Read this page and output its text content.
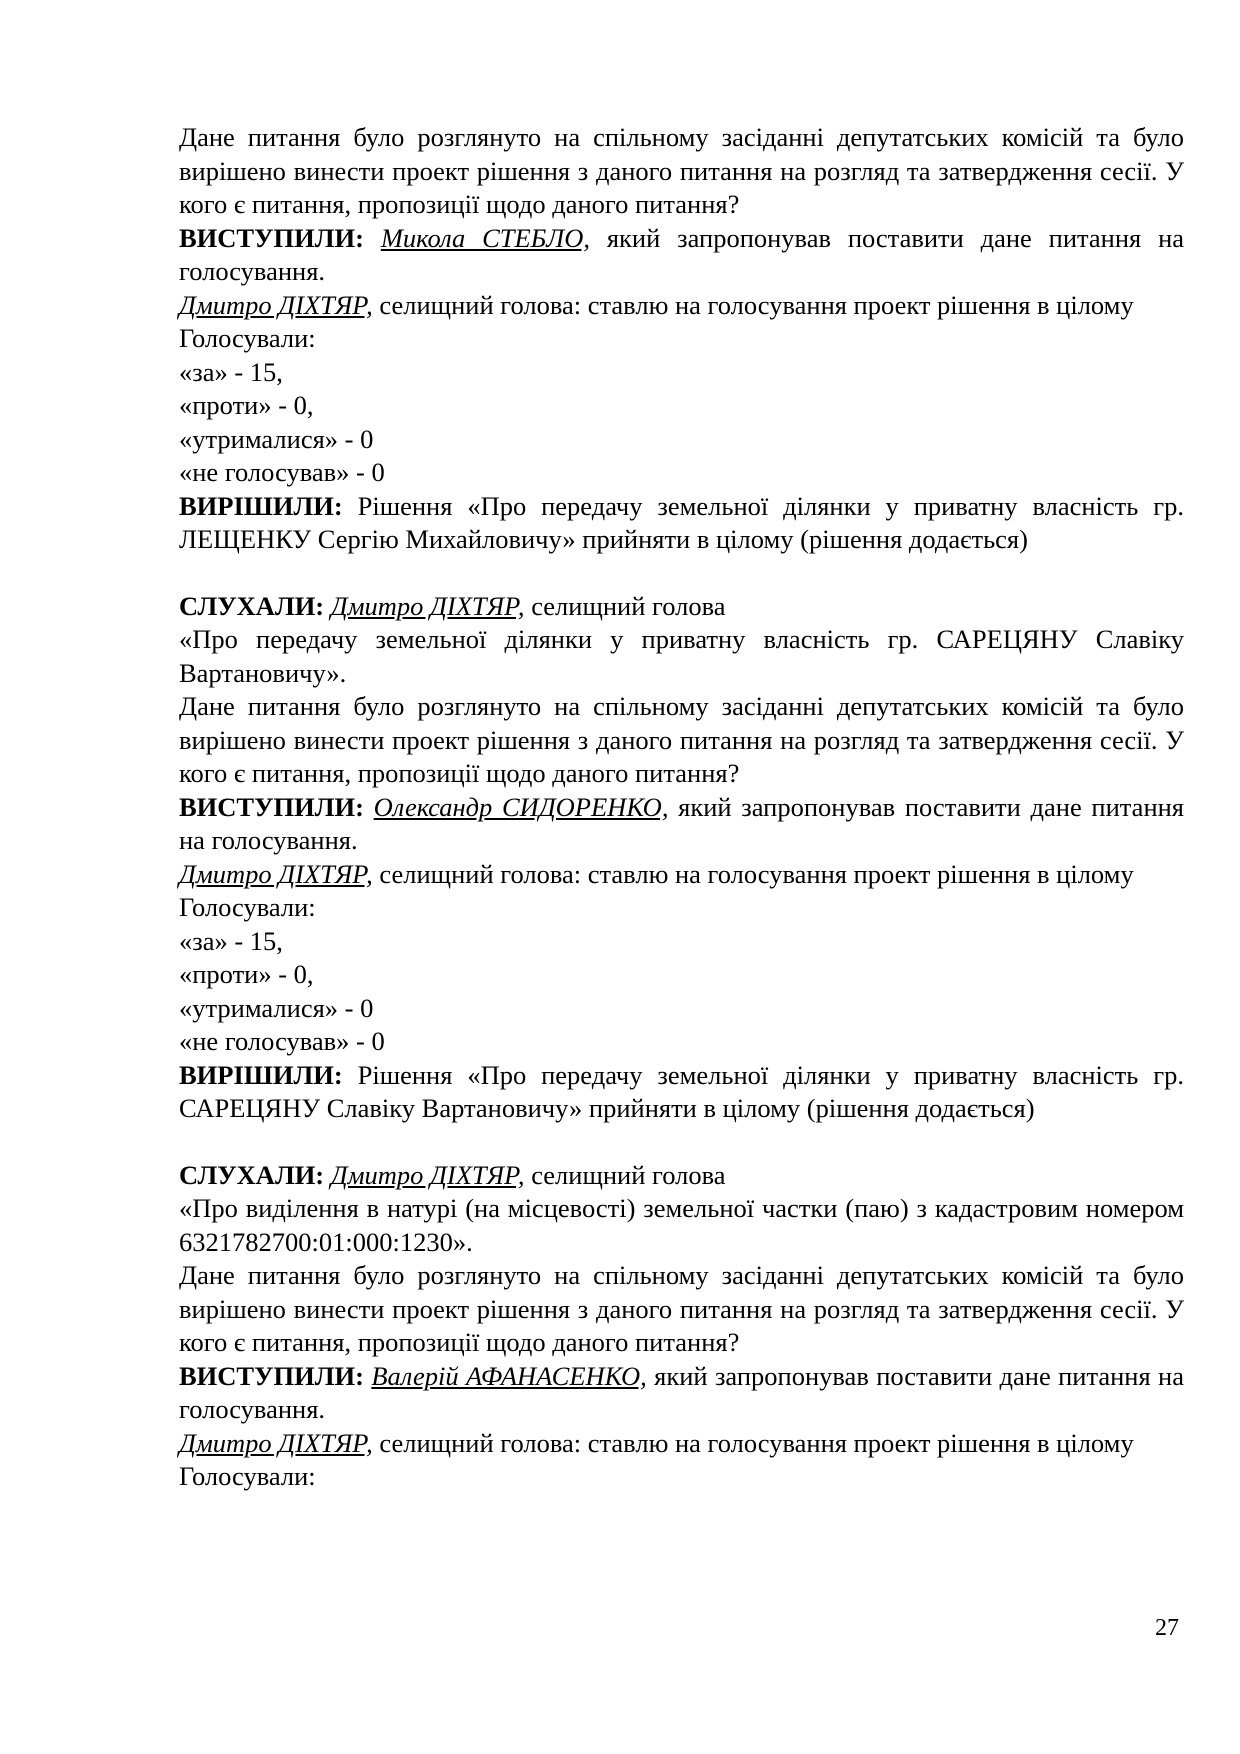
Дане питання було розглянуто на спільному засіданні депутатських комісій та було вирішено винести проект рішення з даного питання на розгляд та затвердження сесії. У кого є питання, пропозиції щодо даного питання?

ВИСТУПИЛИ: Микола СТЕБЛО, який запропонував поставити дане питання на голосування.

Дмитро ДІХТЯР, селищний голова: ставлю на голосування проект рішення в цілому

Голосували:

«за» - 15,

«проти» - 0,

«утрималися» - 0

«не голосував» - 0

ВИРІШИЛИ: Рішення «Про передачу земельної ділянки у приватну власність гр. ЛЕЩЕНКУ Сергію Михайловичу» прийняти в цілому (рішення додається)

СЛУХАЛИ: Дмитро ДІХТЯР, селищний голова

«Про передачу земельної ділянки у приватну власність гр. САРЕЦЯНУ Славіку Вартановичу».

Дане питання було розглянуто на спільному засіданні депутатських комісій та було вирішено винести проект рішення з даного питання на розгляд та затвердження сесії. У кого є питання, пропозиції щодо даного питання?

ВИСТУПИЛИ: Олександр СИДОРЕНКО, який запропонував поставити дане питання на голосування.

Дмитро ДІХТЯР, селищний голова: ставлю на голосування проект рішення в цілому

Голосували:

«за» - 15,

«проти» - 0,

«утрималися» - 0

«не голосував» - 0

ВИРІШИЛИ: Рішення «Про передачу земельної ділянки у приватну власність гр. САРЕЦЯНУ Славіку Вартановичу» прийняти в цілому (рішення додається)

СЛУХАЛИ: Дмитро ДІХТЯР, селищний голова

«Про виділення в натурі (на місцевості) земельної частки (паю) з кадастровим номером 6321782700:01:000:1230».

Дане питання було розглянуто на спільному засіданні депутатських комісій та було вирішено винести проект рішення з даного питання на розгляд та затвердження сесії. У кого є питання, пропозиції щодо даного питання?

ВИСТУПИЛИ: Валерій АФАНАСЕНКО, який запропонував поставити дане питання на голосування.

Дмитро ДІХТЯР, селищний голова: ставлю на голосування проект рішення в цілому

Голосували:

27
